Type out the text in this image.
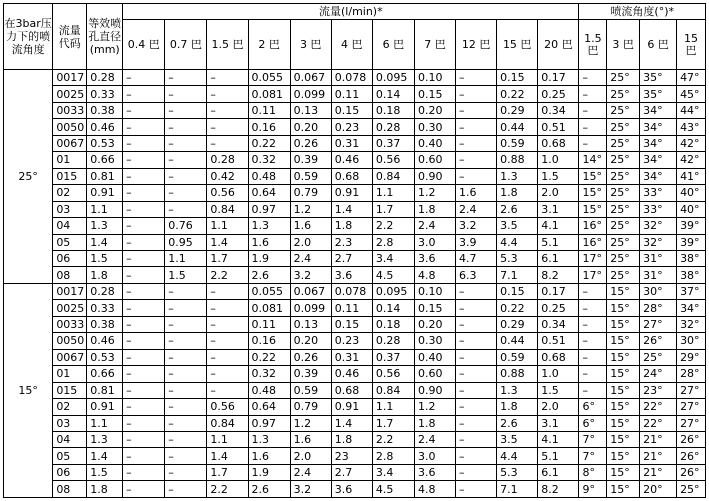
在3bar压力下的喷流角度	流量代码	等效喷孔直径(mm)	流量(l/min)*											喷流角度(°)*			
			0.4 巴	0.7 巴	1.5 巴	2 巴	3 巴	4 巴	6 巴	7 巴	12 巴	15 巴	20 巴	1.5 巴	3 巴	6 巴	15 巴
25°	0017	0.28	–	–	–	0.055	0.067	0.078	0.095	0.10	–	0.15	0.17	–	25°	35°	47°
	0025	0.33	–	–	–	0.081	0.099	0.11	0.14	0.15	–	0.22	0.25	–	25°	35°	45°
	0033	0.38	–	–	–	0.11	0.13	0.15	0.18	0.20	–	0.29	0.34	–	25°	34°	44°
	0050	0.46	–	–	–	0.16	0.20	0.23	0.28	0.30	–	0.44	0.51	–	25°	34°	43°
	0067	0.53	–	–	–	0.22	0.26	0.31	0.37	0.40	–	0.59	0.68	–	25°	34°	42°
	01	0.66	–	–	0.28	0.32	0.39	0.46	0.56	0.60	–	0.88	1.0	14°	25°	34°	42°
	015	0.81	–	–	0.42	0.48	0.59	0.68	0.84	0.90	–	1.3	1.5	15°	25°	34°	41°
	02	0.91	–	–	0.56	0.64	0.79	0.91	1.1	1.2	1.6	1.8	2.0	15°	25°	33°	40°
	03	1.1	–	–	0.84	0.97	1.2	1.4	1.7	1.8	2.4	2.6	3.1	15°	25°	33°	40°
	04	1.3	–	0.76	1.1	1.3	1.6	1.8	2.2	2.4	3.2	3.5	4.1	16°	25°	32°	39°
	05	1.4	–	0.95	1.4	1.6	2.0	2.3	2.8	3.0	3.9	4.4	5.1	16°	25°	32°	39°
	06	1.5	–	1.1	1.7	1.9	2.4	2.7	3.4	3.6	4.7	5.3	6.1	17°	25°	31°	38°
	08	1.8	–	1.5	2.2	2.6	3.2	3.6	4.5	4.8	6.3	7.1	8.2	17°	25°	31°	38°
15°	0017	0.28	–	–	–	0.055	0.067	0.078	0.095	0.10	–	0.15	0.17	–	15°	30°	37°
	0025	0.33	–	–	–	0.081	0.099	0.11	0.14	0.15	–	0.22	0.25	–	15°	28°	34°
	0033	0.38	–	–	–	0.11	0.13	0.15	0.18	0.20	–	0.29	0.34	–	15°	27°	32°
	0050	0.46	–	–	–	0.16	0.20	0.23	0.28	0.30	–	0.44	0.51	–	15°	26°	30°
	0067	0.53	–	–	–	0.22	0.26	0.31	0.37	0.40	–	0.59	0.68	–	15°	25°	29°
	01	0.66	–	–	–	0.32	0.39	0.46	0.56	0.60	–	0.88	1.0	–	15°	24°	28°
	015	0.81	–	–	–	0.48	0.59	0.68	0.84	0.90	–	1.3	1.5	–	15°	23°	27°
	02	0.91	–	–	0.56	0.64	0.79	0.91	1.1	1.2	–	1.8	2.0	6°	15°	22°	27°
	03	1.1	–	–	0.84	0.97	1.2	1.4	1.7	1.8	–	2.6	3.1	6°	15°	22°	27°
	04	1.3	–	–	1.1	1.3	1.6	1.8	2.2	2.4	–	3.5	4.1	7°	15°	21°	26°
	05	1.4	–	–	1.4	1.6	2.0	23	2.8	3.0	–	4.4	5.1	7°	15°	21°	26°
	06	1.5	–	–	1.7	1.9	2.4	2.7	3.4	3.6	–	5.3	6.1	8°	15°	21°	26°
	08	1.8	–	–	2.2	2.6	3.2	3.6	4.5	4.8	–	7.1	8.2	9°	15°	20°	25°
